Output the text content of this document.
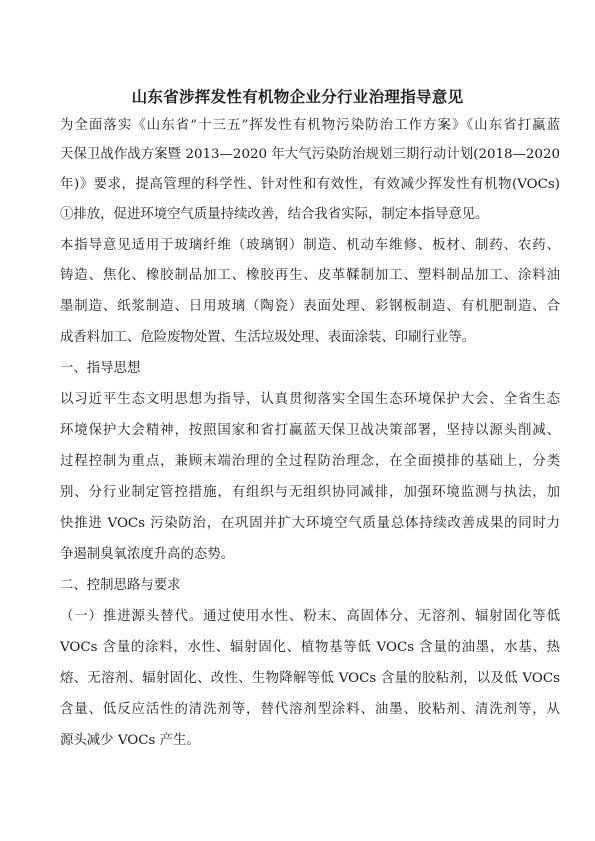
山东省涉挥发性有机物企业分行业治理指导意见
为全面落实《山东省“十三五”挥发性有机物污染防治工作方案》《山东省打赢蓝
天保卫战作战方案暨 2013—2020 年大气污染防治规划三期行动计划(2018—2020
年)》要求，提高管理的科学性、针对性和有效性，有效减少挥发性有机物(VOCs)
①排放，促进环境空气质量持续改善，结合我省实际，制定本指导意见。
本指导意见适用于玻璃纤维（玻璃钢）制造、机动车维修、板材、制药、农药、
铸造、焦化、橡胶制品加工、橡胶再生、皮革鞣制加工、塑料制品加工、涂料油
墨制造、纸浆制造、日用玻璃（陶瓷）表面处理、彩钢板制造、有机肥制造、合
成香料加工、危险废物处置、生活垃圾处理、表面涂装、印刷行业等。
一、指导思想
以习近平生态文明思想为指导，认真贯彻落实全国生态环境保护大会、全省生态
环境保护大会精神，按照国家和省打赢蓝天保卫战决策部署，坚持以源头削减、
过程控制为重点，兼顾末端治理的全过程防治理念，在全面摸排的基础上，分类
别、分行业制定管控措施，有组织与无组织协同减排，加强环境监测与执法，加
快推进 VOCs 污染防治，在巩固并扩大环境空气质量总体持续改善成果的同时力
争遏制臭氧浓度升高的态势。
二、控制思路与要求
（一）推进源头替代。通过使用水性、粉末、高固体分、无溶剂、辐射固化等低
VOCs 含量的涂料，水性、辐射固化、植物基等低 VOCs 含量的油墨，水基、热
熔、无溶剂、辐射固化、改性、生物降解等低 VOCs 含量的胶粘剂，以及低 VOCs
含量、低反应活性的清洗剂等，替代溶剂型涂料、油墨、胶粘剂、清洗剂等，从
源头减少 VOCs 产生。
